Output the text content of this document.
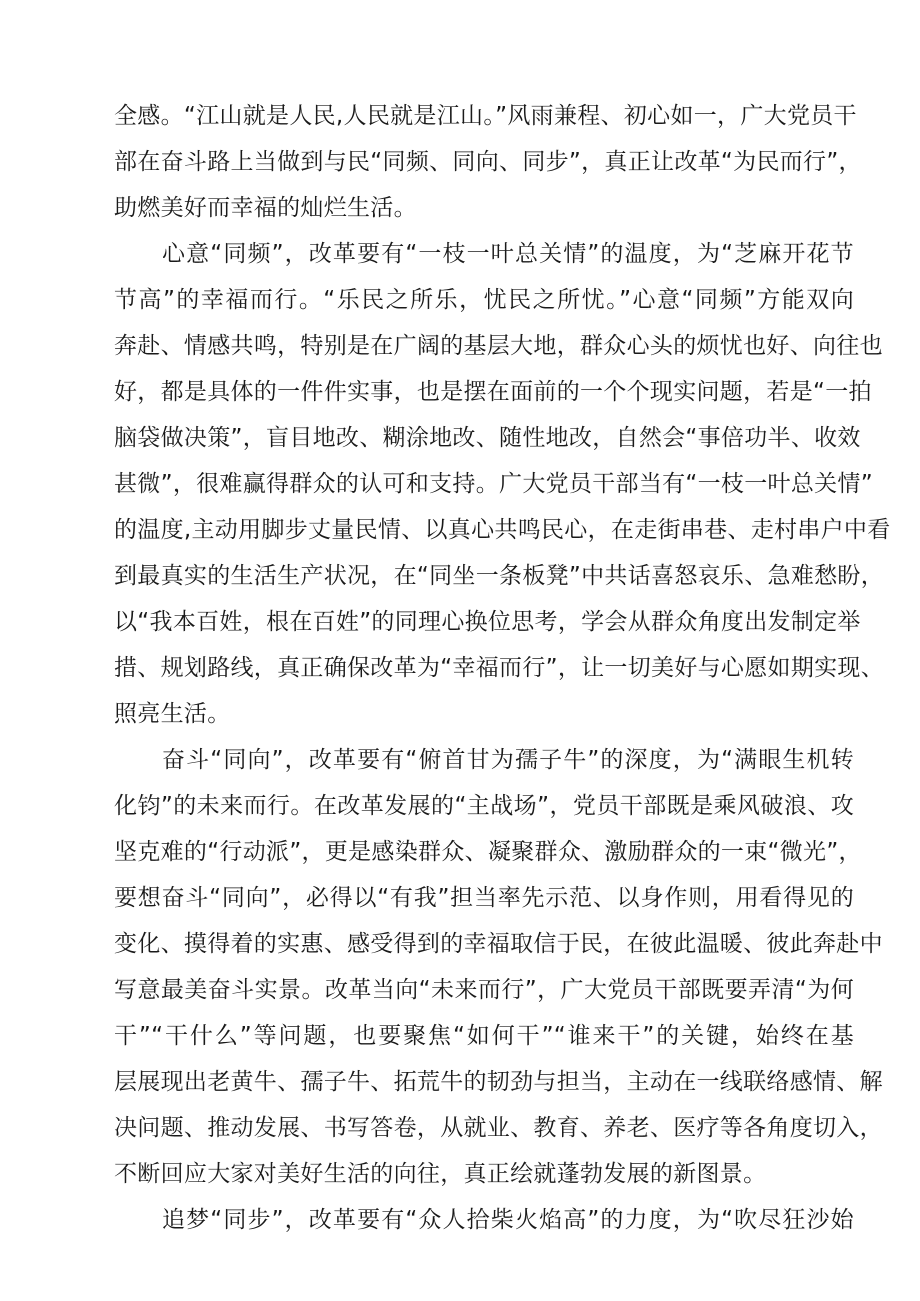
全感。“江山就是人民,人民就是江山。”风雨兼程、初心如一，广大党员干
部在奋斗路上当做到与民“同频、同向、同步”，真正让改革“为民而行”，
助燃美好而幸福的灿烂生活。
心意“同频”，改革要有“一枝一叶总关情”的温度，为“芝麻开花节
节高”的幸福而行。“乐民之所乐，忧民之所忧。”心意“同频”方能双向
奔赴、情感共鸣，特别是在广阔的基层大地，群众心头的烦忧也好、向往也
好，都是具体的一件件实事，也是摆在面前的一个个现实问题，若是“一拍
脑袋做决策”，盲目地改、糊涂地改、随性地改，自然会“事倍功半、收效
甚微”，很难赢得群众的认可和支持。广大党员干部当有“一枝一叶总关情”
的温度,主动用脚步丈量民情、以真心共鸣民心，在走街串巷、走村串户中看
到最真实的生活生产状况，在“同坐一条板凳”中共话喜怒哀乐、急难愁盼，
以“我本百姓，根在百姓”的同理心换位思考，学会从群众角度出发制定举
措、规划路线，真正确保改革为“幸福而行”，让一切美好与心愿如期实现、
照亮生活。
奋斗“同向”，改革要有“俯首甘为孺子牛”的深度，为“满眼生机转
化钧”的未来而行。在改革发展的“主战场”，党员干部既是乘风破浪、攻
坚克难的“行动派”，更是感染群众、凝聚群众、激励群众的一束“微光”，
要想奋斗“同向”，必得以“有我”担当率先示范、以身作则，用看得见的
变化、摸得着的实惠、感受得到的幸福取信于民，在彼此温暖、彼此奔赴中
写意最美奋斗实景。改革当向“未来而行”，广大党员干部既要弄清“为何
干”“干什么”等问题，也要聚焦“如何干”“谁来干”的关键，始终在基
层展现出老黄牛、孺子牛、拓荒牛的韧劲与担当，主动在一线联络感情、解
决问题、推动发展、书写答卷，从就业、教育、养老、医疗等各角度切入，
不断回应大家对美好生活的向往，真正绘就蓬勃发展的新图景。
追梦“同步”，改革要有“众人拾柴火焰高”的力度，为“吹尽狂沙始
